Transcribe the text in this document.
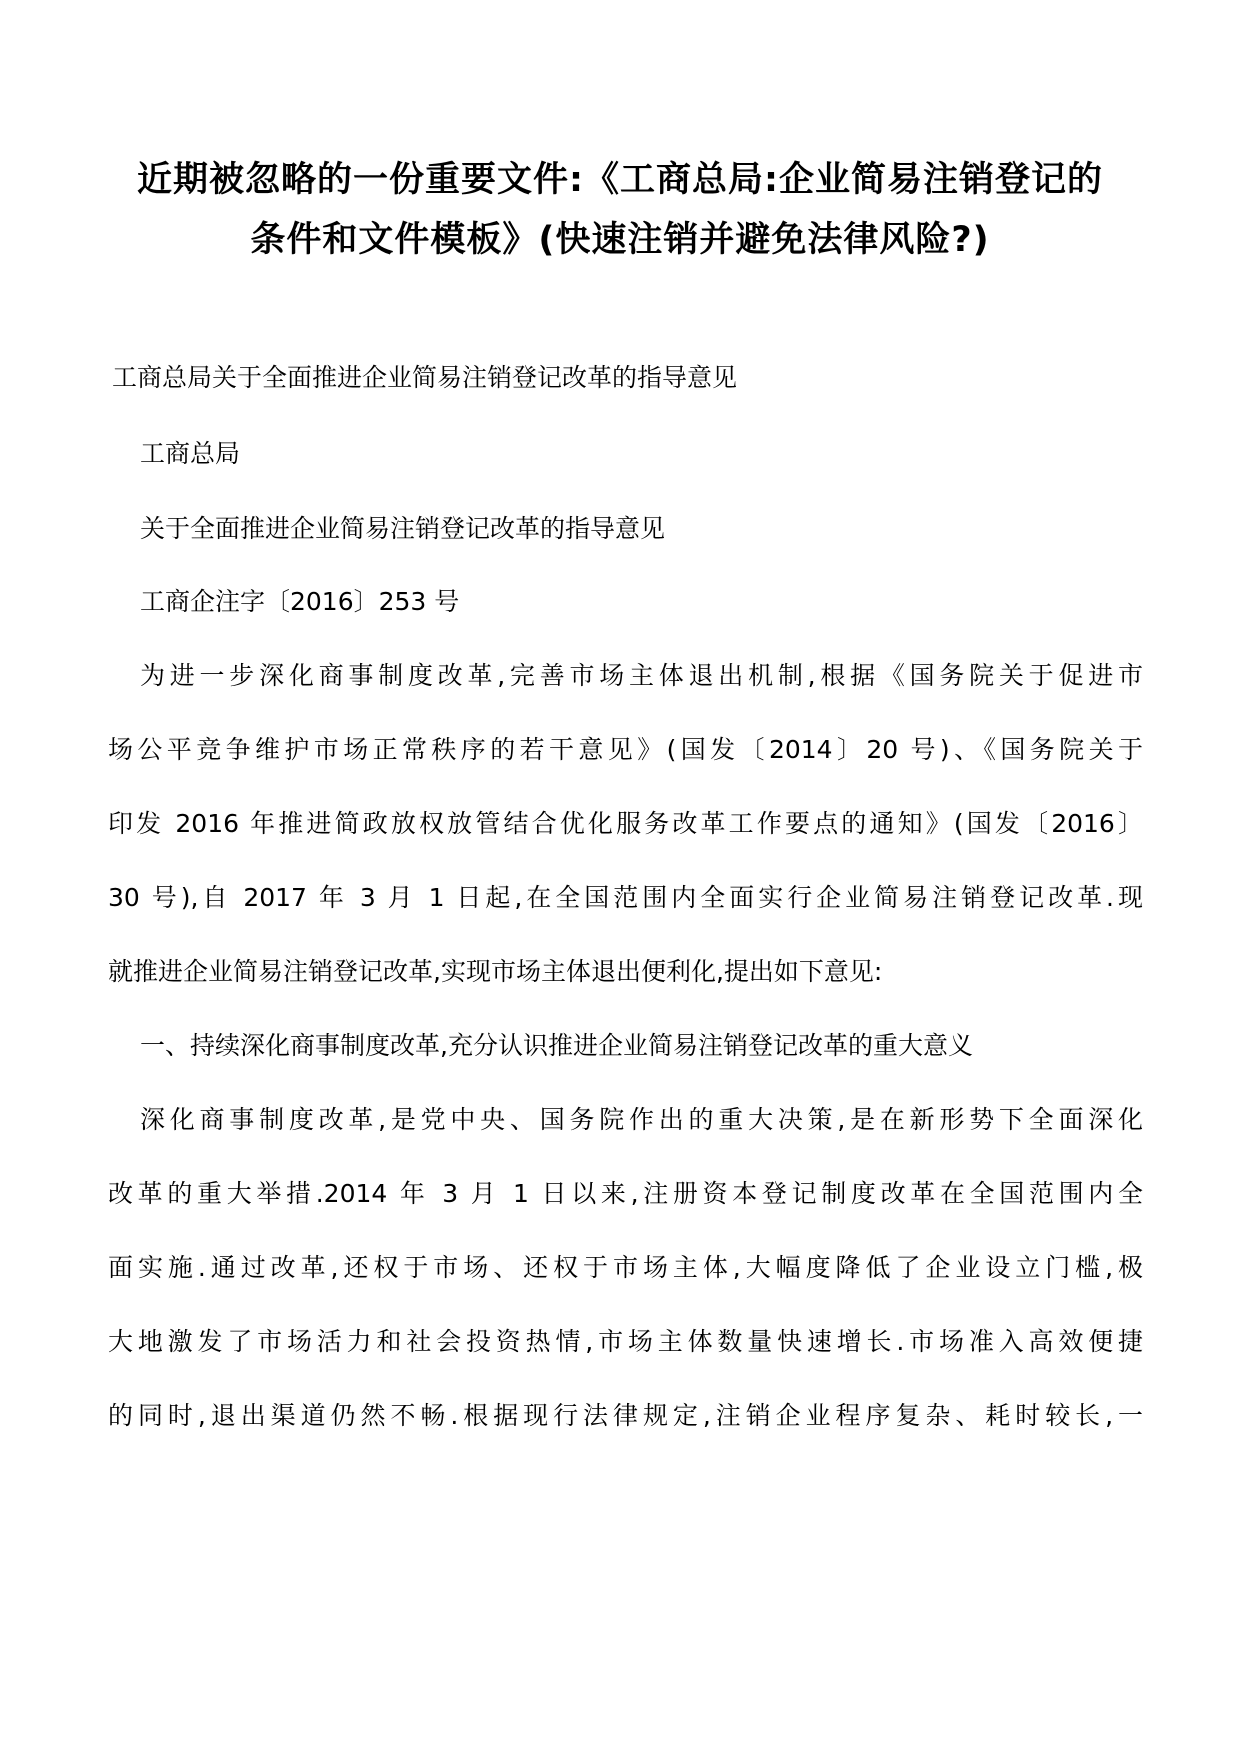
近期被忽略的一份重要文件:《工商总局:企业简易注销登记的
条件和文件模板》(快速注销并避免法律风险?)

工商总局关于全面推进企业简易注销登记改革的指导意见

工商总局

关于全面推进企业简易注销登记改革的指导意见

工商企注字〔2016〕253 号

为进一步深化商事制度改革,完善市场主体退出机制,根据《国务院关于促进市

场公平竞争维护市场正常秩序的若干意见》(国发〔2014〕20 号)、《国务院关于

印发 2016 年推进简政放权放管结合优化服务改革工作要点的通知》(国发〔2016〕

30 号),自 2017 年 3 月 1 日起,在全国范围内全面实行企业简易注销登记改革.现

就推进企业简易注销登记改革,实现市场主体退出便利化,提出如下意见:

一、持续深化商事制度改革,充分认识推进企业简易注销登记改革的重大意义

深化商事制度改革,是党中央、国务院作出的重大决策,是在新形势下全面深化

改革的重大举措.2014 年 3 月 1 日以来,注册资本登记制度改革在全国范围内全

面实施.通过改革,还权于市场、还权于市场主体,大幅度降低了企业设立门槛,极

大地激发了市场活力和社会投资热情,市场主体数量快速增长.市场准入高效便捷

的同时,退出渠道仍然不畅.根据现行法律规定,注销企业程序复杂、耗时较长,一
